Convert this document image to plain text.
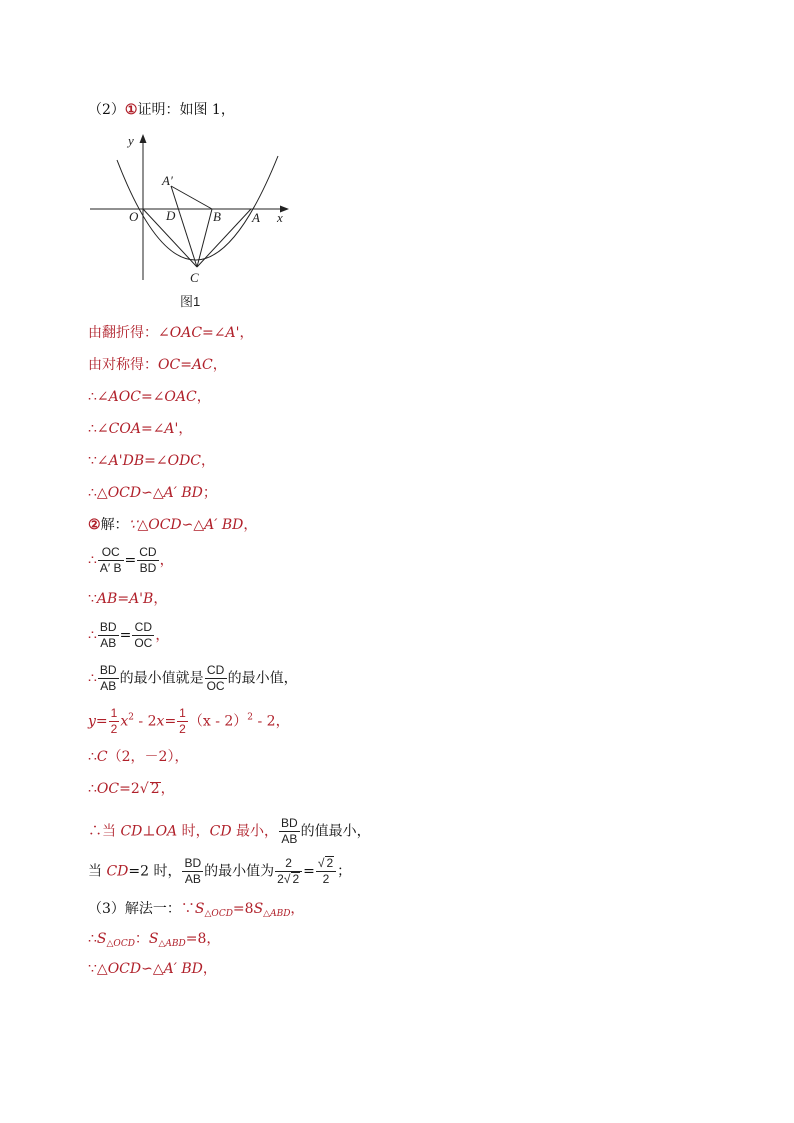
y
x
A′
O D	B A
C
图1
（2）①证明：如图 1，
由翻折得：∠OAC=∠A'，
由对称得：OC=AC，
∴∠AOC=∠OAC，
∴∠COA=∠A'，
∵∠A'DB=∠ODC，
∴△OCD∽△A′ BD；
②解：∵△OCD∽△A′ BD，
∴ $\frac{OC}{A' B} = \frac{CD}{BD}$ ，
∵AB=A'B，
∴ $\frac{BD}{AB} = \frac{CD}{OC}$ ，
∴ $\frac{BD}{AB}$ 的最小值就是 $\frac{CD}{OC}$ 的最小值，
$y= \frac{1}{2} x^2 - 2x= \frac{1}{2} (x - 2)^2 - 2$，
∴C（2，－2），
∴OC=2√ 2，
∴当 CD⊥OA 时，CD 最小， $\frac{BD}{AB}$ 的值最小，
当 CD=2 时， $\frac{BD}{AB}$ 的最小值为 $\frac{2}{2√ 2} = \frac{√ 2}{2}$ ；
（3）解法一：$\because S_{\triangle OCD}=8S_{\triangle ABD}$，
$\therefore S_{\triangle OCD}$：$S_{\triangle ABD}=8$，
∵△OCD∽△A′ BD，
